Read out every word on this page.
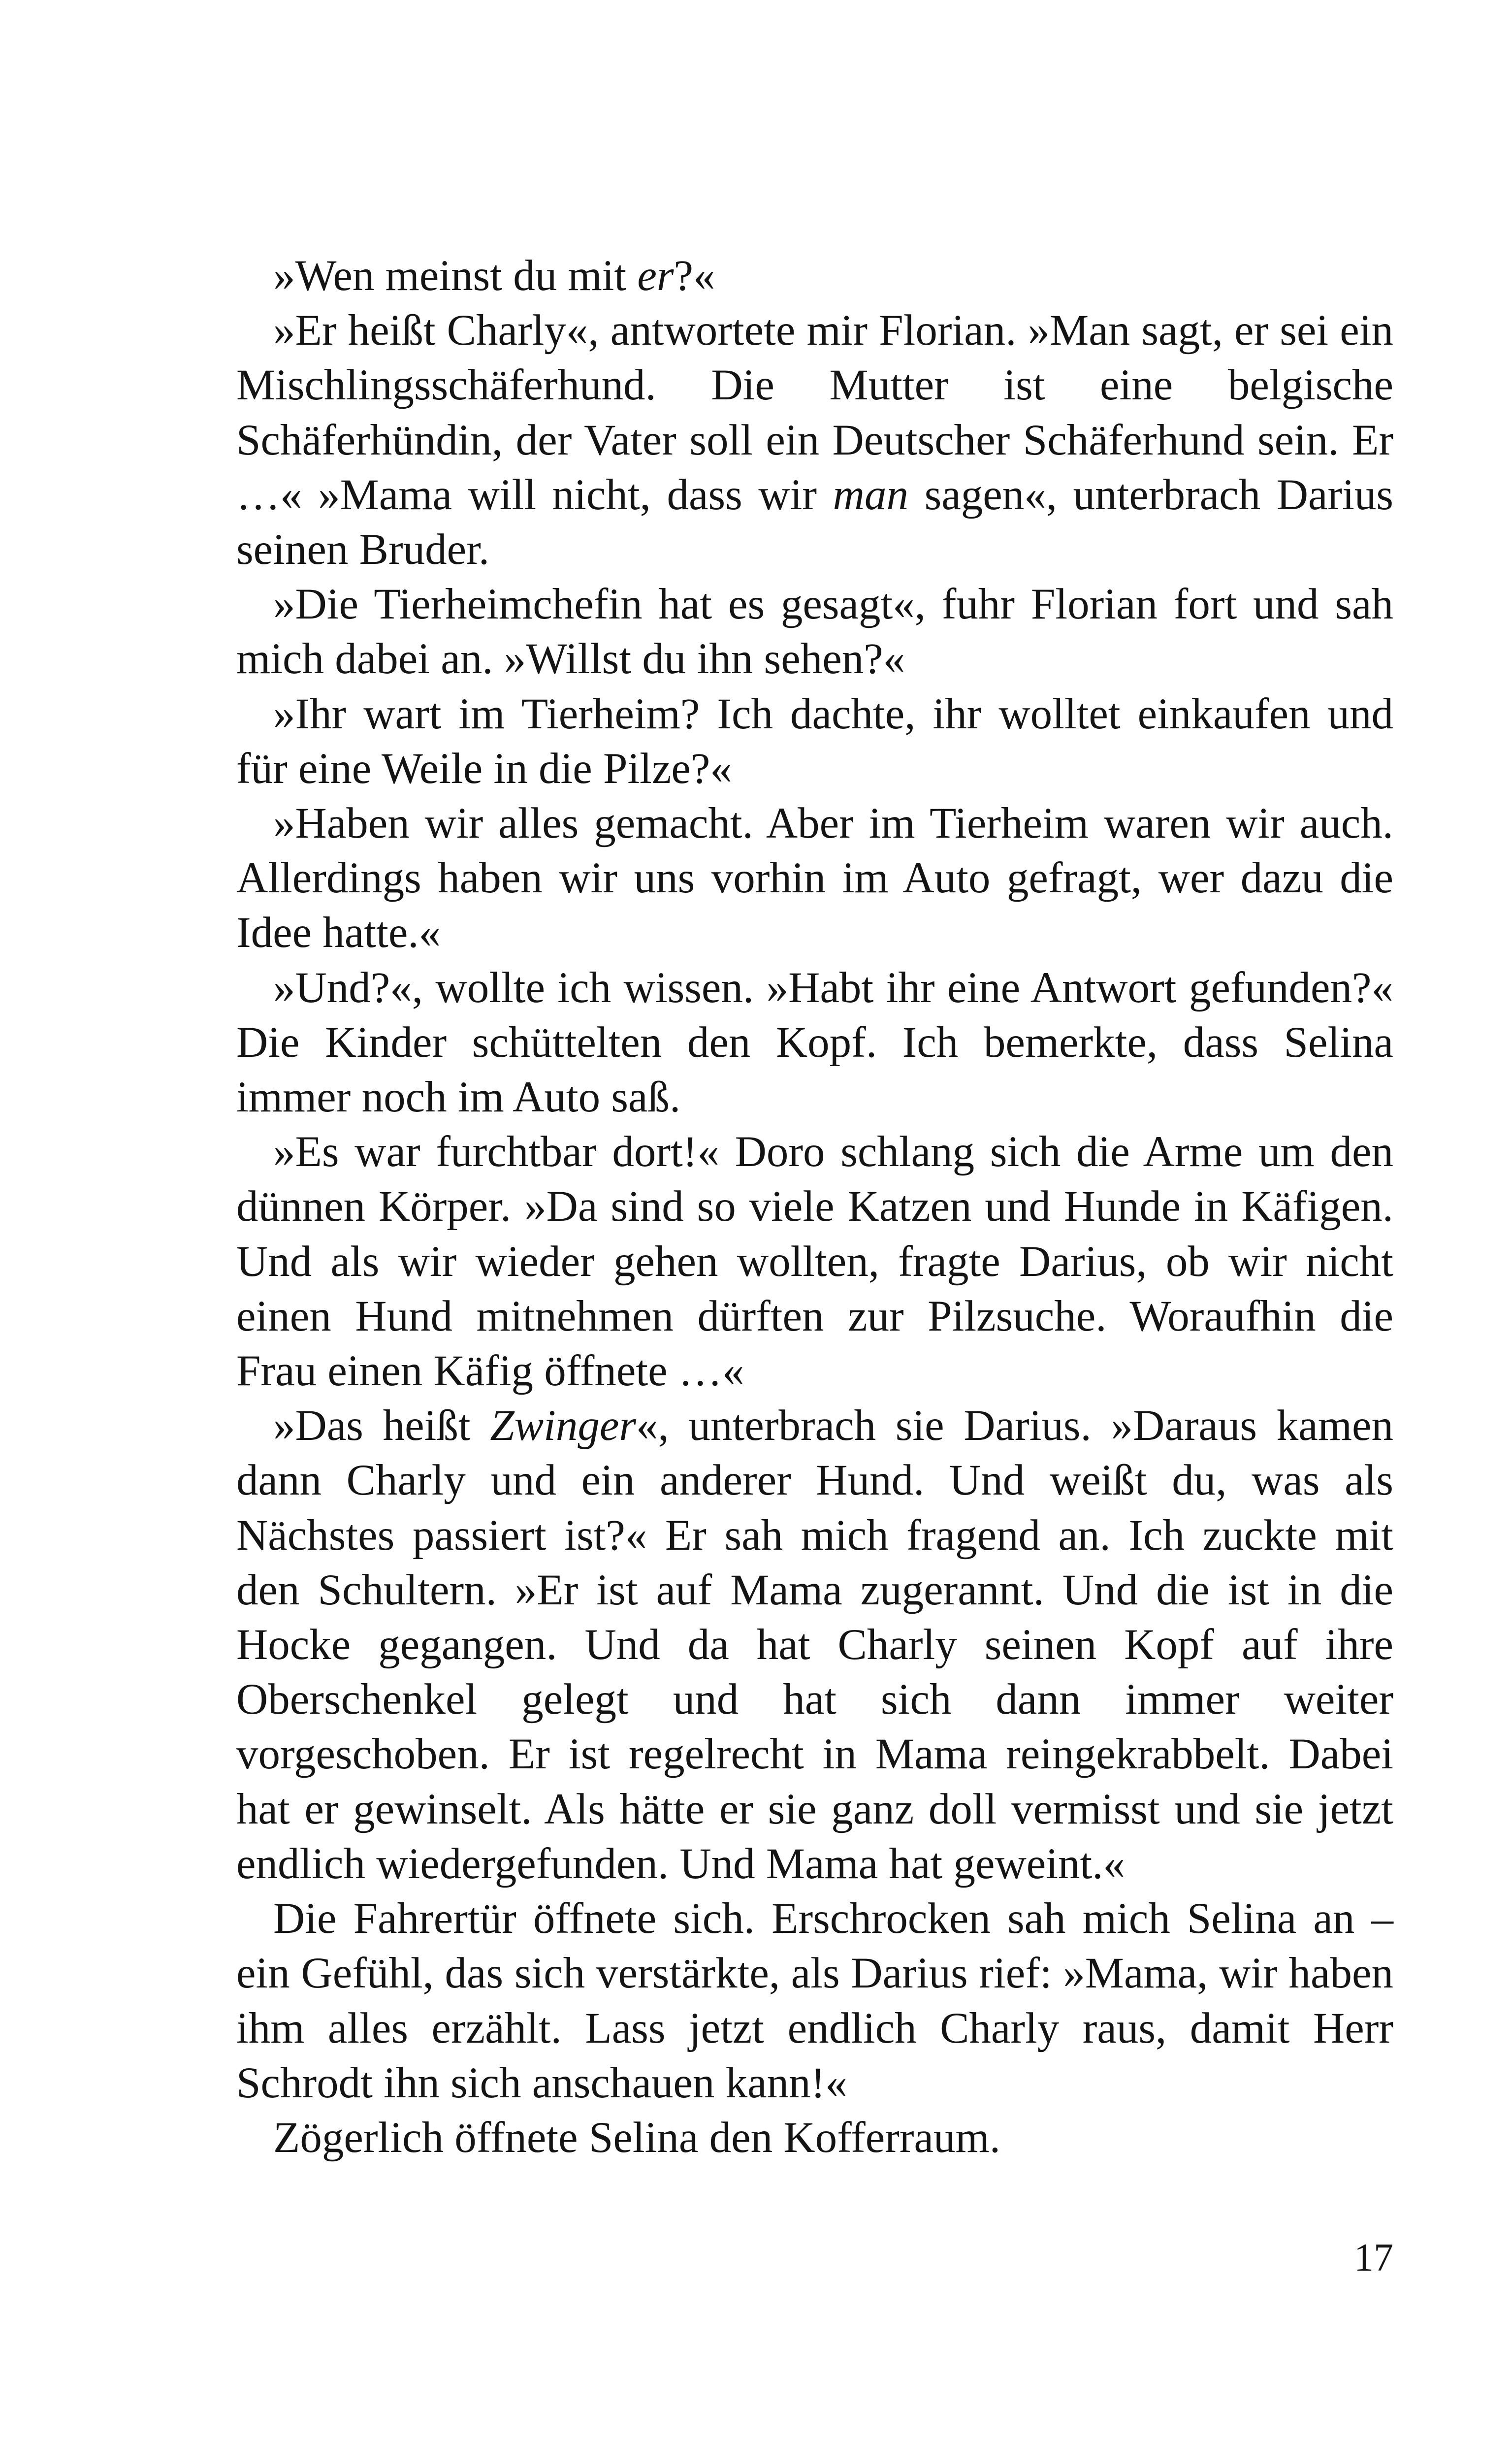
»Wen meinst du mit er?«

»Er heißt Charly«, antwortete mir Florian. »Man sagt, er sei ein Mischlingsschäferhund. Die Mutter ist eine belgische Schäferhündin, der Vater soll ein Deutscher Schäferhund sein. Er …« »Mama will nicht, dass wir man sagen«, unterbrach Darius seinen Bruder.

»Die Tierheimchefin hat es gesagt«, fuhr Florian fort und sah mich dabei an. »Willst du ihn sehen?«

»Ihr wart im Tierheim? Ich dachte, ihr wolltet einkaufen und für eine Weile in die Pilze?«

»Haben wir alles gemacht. Aber im Tierheim waren wir auch. Allerdings haben wir uns vorhin im Auto gefragt, wer dazu die Idee hatte.«

»Und?«, wollte ich wissen. »Habt ihr eine Antwort gefunden?« Die Kinder schüttelten den Kopf. Ich bemerkte, dass Selina immer noch im Auto saß.

»Es war furchtbar dort!« Doro schlang sich die Arme um den dünnen Körper. »Da sind so viele Katzen und Hunde in Käfigen. Und als wir wieder gehen wollten, fragte Darius, ob wir nicht einen Hund mitnehmen dürften zur Pilzsuche. Woraufhin die Frau einen Käfig öffnete …«

»Das heißt Zwinger«, unterbrach sie Darius. »Daraus kamen dann Charly und ein anderer Hund. Und weißt du, was als Nächstes passiert ist?« Er sah mich fragend an. Ich zuckte mit den Schultern. »Er ist auf Mama zugerannt. Und die ist in die Hocke gegangen. Und da hat Charly seinen Kopf auf ihre Oberschenkel gelegt und hat sich dann immer weiter vorgeschoben. Er ist regelrecht in Mama reingekrabbelt. Dabei hat er gewinselt. Als hätte er sie ganz doll vermisst und sie jetzt endlich wiedergefunden. Und Mama hat geweint.«

Die Fahrertür öffnete sich. Erschrocken sah mich Selina an – ein Gefühl, das sich verstärkte, als Darius rief: »Mama, wir haben ihm alles erzählt. Lass jetzt endlich Charly raus, damit Herr Schrodt ihn sich anschauen kann!«

Zögerlich öffnete Selina den Kofferraum.

17
